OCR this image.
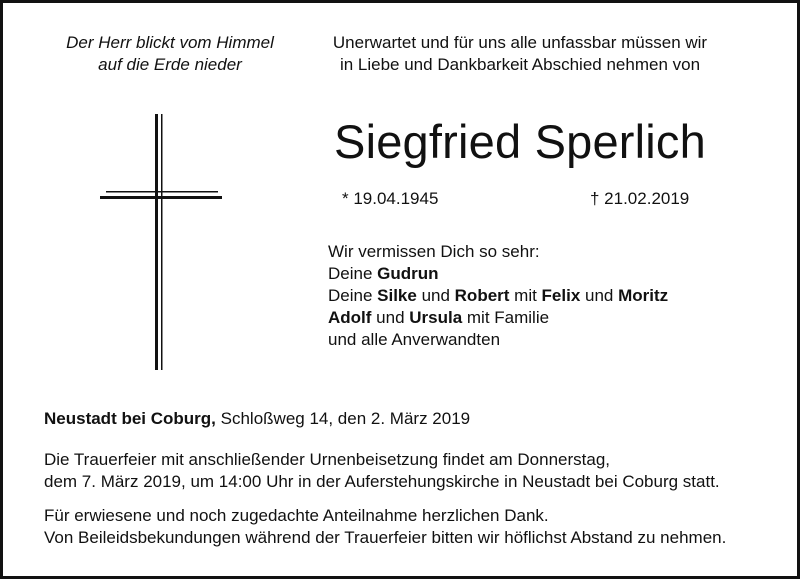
Der Herr blickt vom Himmel
auf die Erde nieder
Unerwartet und für uns alle unfassbar müssen wir
in Liebe und Dankbarkeit Abschied nehmen von
Siegfried Sperlich
* 19.04.1945	† 21.02.2019
Wir vermissen Dich so sehr:
Deine Gudrun
Deine Silke und Robert mit Felix und Moritz
Adolf und Ursula mit Familie
und alle Anverwandten
Neustadt bei Coburg, Schloßweg 14, den 2. März 2019
Die Trauerfeier mit anschließender Urnenbeisetzung findet am Donnerstag,
dem 7. März 2019, um 14:00 Uhr in der Auferstehungskirche in Neustadt bei Coburg statt.
Für erwiesene und noch zugedachte Anteilnahme herzlichen Dank.
Von Beileidsbekundungen während der Trauerfeier bitten wir höflichst Abstand zu nehmen.
